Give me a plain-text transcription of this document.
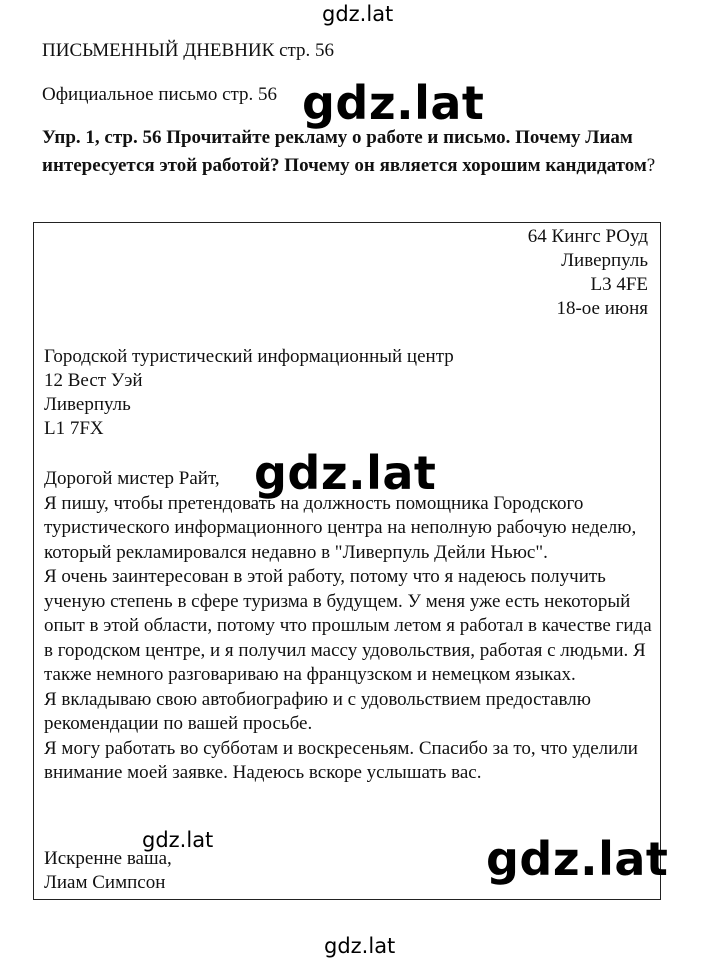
gdz.lat
ПИСЬМЕННЫЙ ДНЕВНИК стр. 56
Официальное письмо стр. 56 gdz.lat
Упр. 1, стр. 56 Прочитайте рекламу о работе и письмо. Почему Лиам интересуется этой работой? Почему он является хорошим кандидатом?
64 Кингс РОуд
Ливерпуль
L3 4FE
18-ое июня
Городской туристический информационный центр
12 Вест Уэй
Ливерпуль
L1 7FX
Дорогой мистер Райт,
Я пишу, чтобы претендовать на должность помощника Городского туристического информационного центра на неполную рабочую неделю, который рекламировался недавно в "Ливерпуль Дейли Ньюс".
Я очень заинтересован в этой работу, потому что я надеюсь получить ученую степень в сфере туризма в будущем. У меня уже есть некоторый опыт в этой области, потому что прошлым летом я работал в качестве гида в городском центре, и я получил массу удовольствия, работая с людьми. Я также немного разговариваю на французском и немецком языках.
Я вкладываю свою автобиографию и с удовольствием предоставлю рекомендации по вашей просьбе.
Я могу работать во субботам и воскресеньям. Спасибо за то, что уделили внимание моей заявке. Надеюсь вскоре услышать вас.
Искренне ваша,
Лиам Симпсон
gdz.lat
gdz.lat	gdz.lat
gdz.lat
